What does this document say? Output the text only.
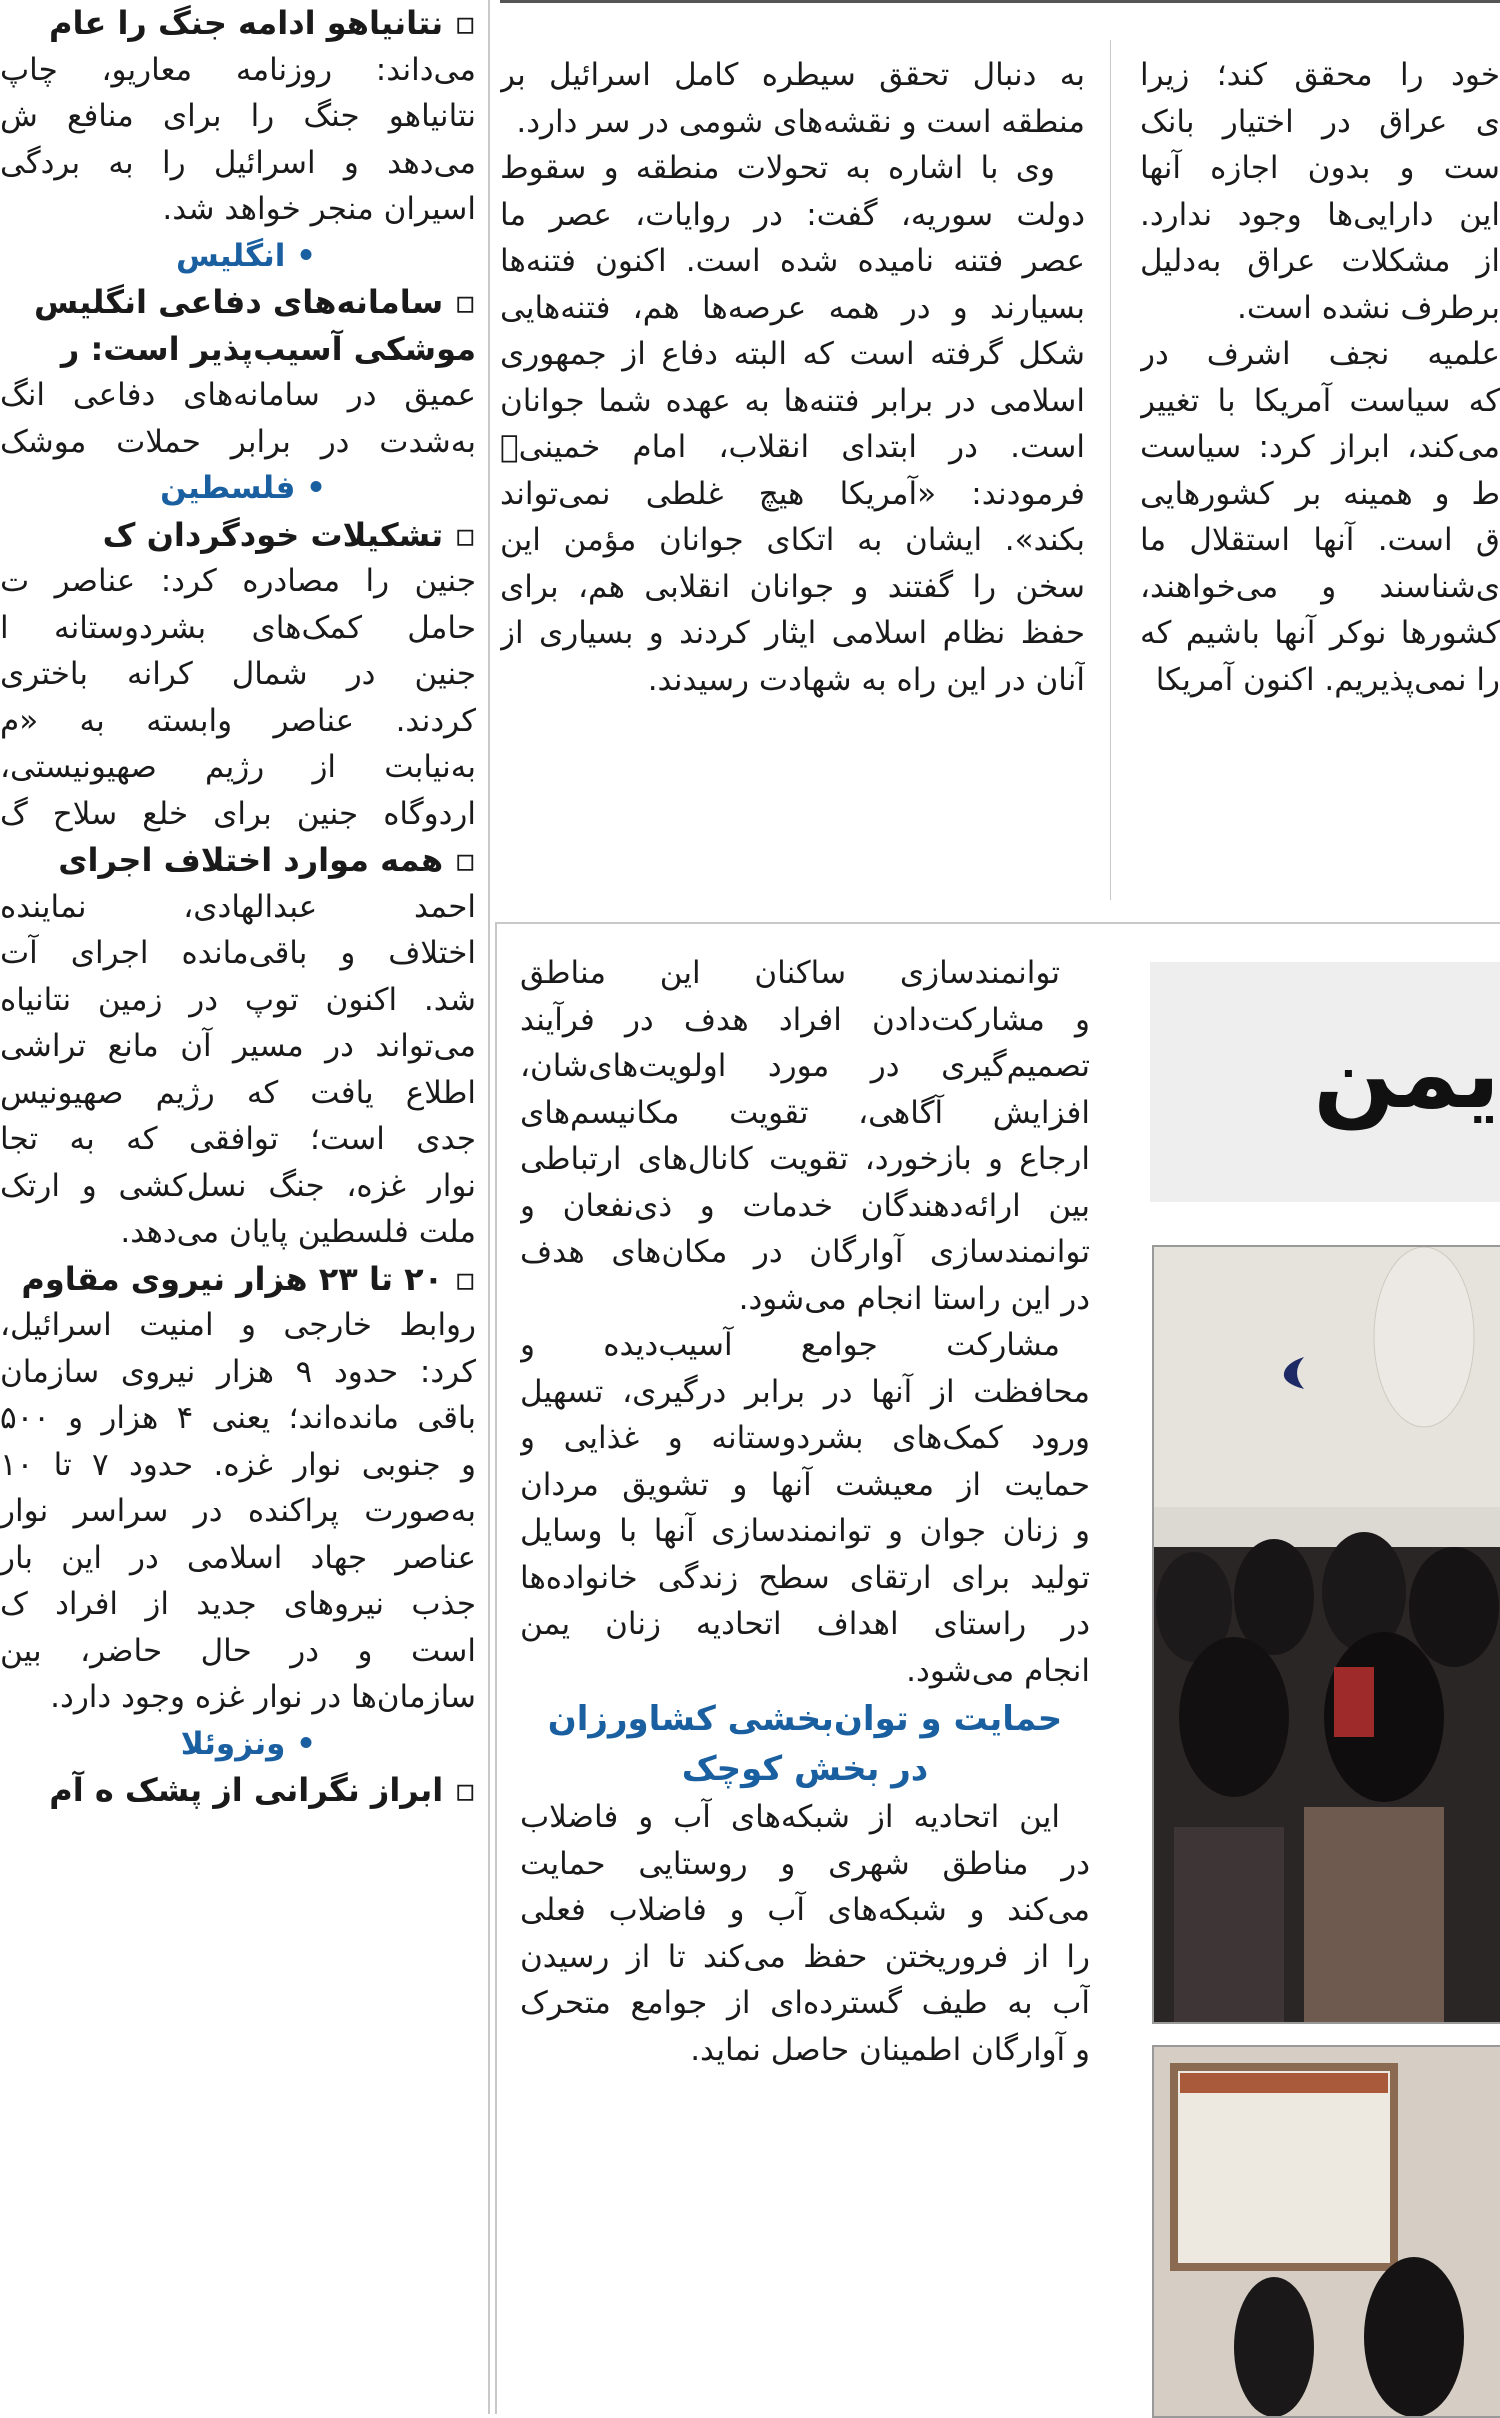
▫ نتانیاهو ادامه جنگ را عام

می‌داند: روزنامه معاریو، چاپ

نتانیاهو جنگ را برای منافع ش

می‌دهد و اسرائیل را به بردگی

اسیران منجر خواهد شد.

• انگلیس

▫ سامانه‌های دفاعی انگلیس

موشکی آسیب‌پذیر است: ر

عمیق در سامانه‌های دفاعی انگ

به‌شدت در برابر حملات موشک

• فلسطین

▫ تشکیلات خودگردان ک

جنین را مصادره کرد: عناصر ت

حامل کمک‌های بشردوستانه ا

جنین در شمال کرانه باختری

کردند. عناصر وابسته به «م

به‌نیابت از رژیم صهیونیستی،

اردوگاه جنین برای خلع سلاح گ

▫ همه موارد اختلاف اجرای

احمد عبدالهادی، نماینده

اختلاف و باقی‌مانده اجرای آت

شد. اکنون توپ در زمین نتانیاه

می‌تواند در مسیر آن مانع تراشی

اطلاع یافت که رژیم صهیونیس

جدی است؛ توافقی که به تجا

نوار غزه، جنگ نسل‌کشی و ارتک

ملت فلسطین پایان می‌دهد.

▫ ۲۰ تا ۲۳ هزار نیروی مقاوم

روابط خارجی و امنیت اسرائیل،

کرد: حدود ۹ هزار نیروی سازمان

باقی مانده‌اند؛ یعنی ۴ هزار و ۵۰۰

و جنوبی نوار غزه. حدود ۷ تا ۱۰

به‌صورت پراکنده در سراسر نوار

عناصر جهاد اسلامی در این بار

جذب نیروهای جدید از افراد ک

است و در حال حاضر، بین

سازمان‌ها در نوار غزه وجود دارد.

• ونزوئلا

▫ ابراز نگرانی از پشک ه آم

به دنبال تحقق سیطره کامل اسرائیل بر

منطقه است و نقشه‌های شومی در سر دارد.

وی با اشاره به تحولات منطقه و سقوط

دولت سوریه، گفت: در روایات، عصر ما

عصر فتنه نامیده شده است. اکنون فتنه‌ها

بسیارند و در همه عرصه‌ها هم، فتنه‌هایی

شکل گرفته است که البته دفاع از جمهوری

اسلامی در برابر فتنه‌ها به عهده شما جوانان

است. در ابتدای انقلاب، امام خمینی﷫

فرمودند: «آمریکا هیچ غلطی نمی‌تواند

بکند». ایشان به اتکای جوانان مؤمن این

سخن را گفتند و جوانان انقلابی هم، برای

حفظ نظام اسلامی ایثار کردند و بسیاری از

آنان در این راه به شهادت رسیدند.

خود را محقق کند؛ زیرا

ی عراق در اختیار بانک

ست و بدون اجازه آنها

این دارایی‌ها وجود ندارد.

از مشکلات عراق به‌دلیل

برطرف نشده است.

علمیه نجف اشرف در

که سیاست آمریکا با تغییر

می‌کند، ابراز کرد: سیاست

ط و همینه بر کشورهایی

ق است. آنها استقلال ما

ی‌شناسند و می‌خواهند،

کشورها نوکر آنها باشیم که

را نمی‌پذیریم. اکنون آمریکا

توانمندسازی ساکنان این مناطق

و مشارکت‌دادن افراد هدف در فرآیند

تصمیم‌گیری در مورد اولویت‌های‌شان،

افزایش آگاهی، تقویت مکانیسم‌های

ارجاع و بازخورد، تقویت کانال‌های ارتباطی

بین ارائه‌دهندگان خدمات و ذی‌نفعان و

توانمندسازی آوارگان در مکان‌های هدف

در این راستا انجام می‌شود.

مشارکت جوامع آسیب‌دیده و

محافظت از آنها در برابر درگیری، تسهیل

ورود کمک‌های بشردوستانه و غذایی و

حمایت از معیشت آنها و تشویق مردان

و زنان جوان و توانمندسازی آنها با وسایل

تولید برای ارتقای سطح زندگی خانواده‌ها

در راستای اهداف اتحادیه زنان یمن

انجام می‌شود.

حمایت و توان‌بخشی کشاورزان

در بخش کوچک

این اتحادیه از شبکه‌های آب و فاضلاب

در مناطق شهری و روستایی حمایت

می‌کند و شبکه‌های آب و فاضلاب فعلی

را از فروریختن حفظ می‌کند تا از رسیدن

آب به طیف گسترده‌ای از جوامع متحرک

و آوارگان اطمینان حاصل نماید.

یمن
